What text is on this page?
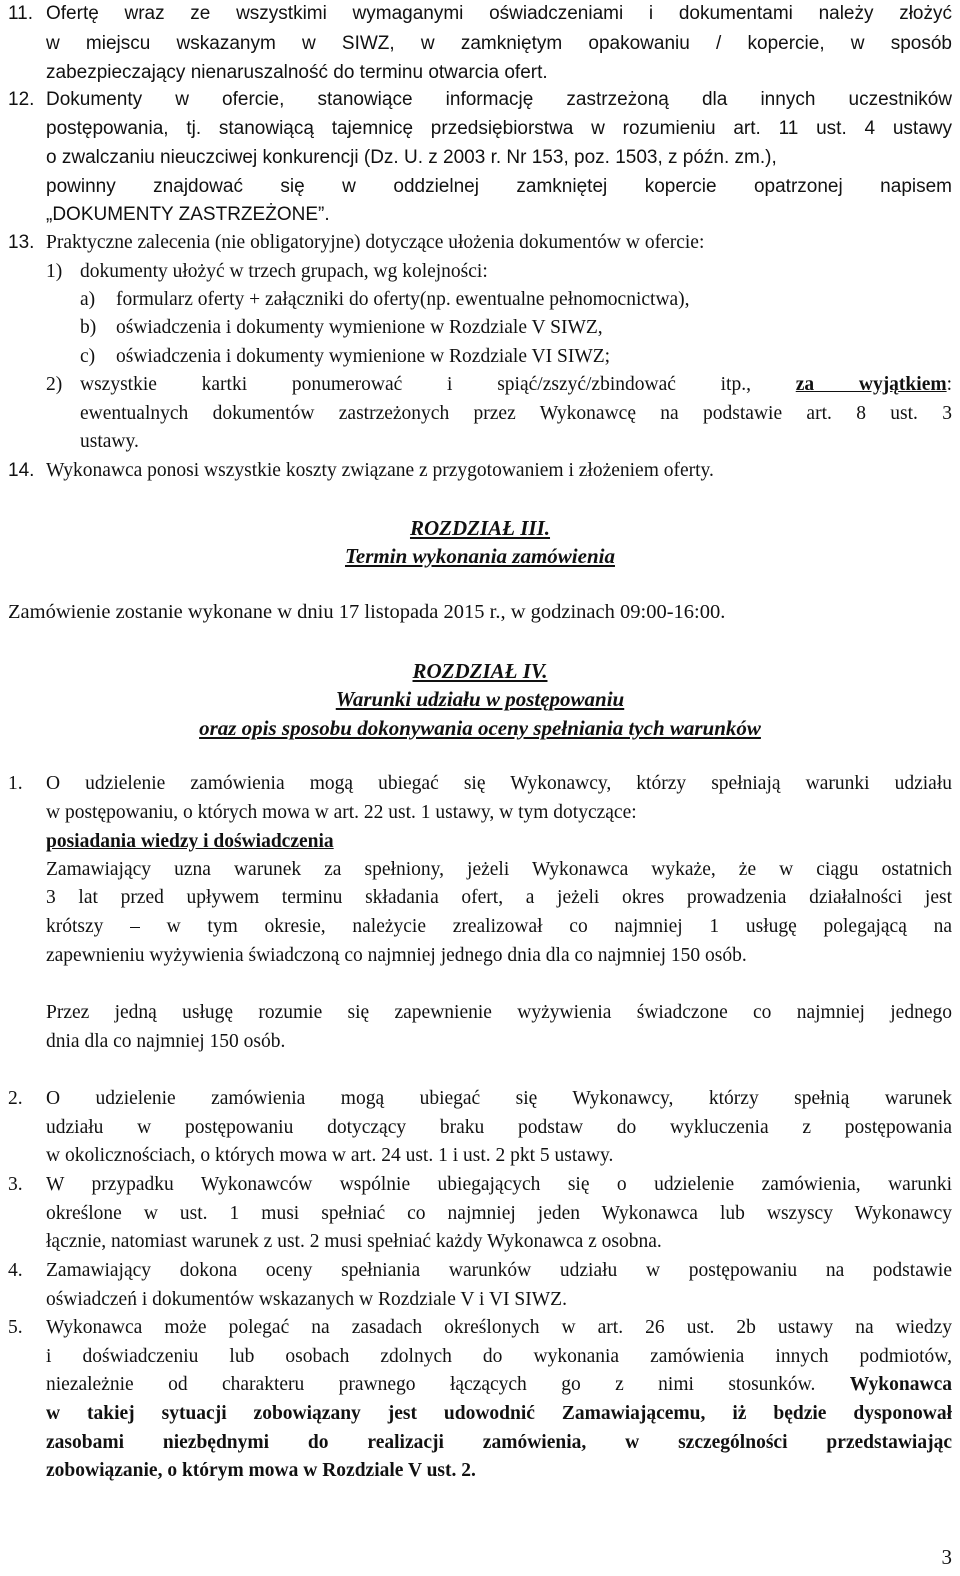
11. Ofertę wraz ze wszystkimi wymaganymi oświadczeniami i dokumentami należy złożyć
w miejscu wskazanym w SIWZ, w zamkniętym opakowaniu / kopercie, w sposób
zabezpieczający nienaruszalność do terminu otwarcia ofert.
12. Dokumenty w ofercie, stanowiące informację zastrzeżoną dla innych uczestników
postępowania, tj. stanowiącą tajemnicę przedsiębiorstwa w rozumieniu art. 11 ust. 4 ustawy
o zwalczaniu nieuczciwej konkurencji (Dz. U. z 2003 r. Nr 153, poz. 1503, z późn. zm.),
powinny znajdować się w oddzielnej zamkniętej kopercie opatrzonej napisem
„DOKUMENTY ZASTRZEŻONE”.
13. Praktyczne zalecenia (nie obligatoryjne) dotyczące ułożenia dokumentów w ofercie:
1) dokumenty ułożyć w trzech grupach, wg kolejności:
a) formularz oferty + załączniki do oferty(np. ewentualne pełnomocnictwa),
b) oświadczenia i dokumenty wymienione w Rozdziale V SIWZ,
c) oświadczenia i dokumenty wymienione w Rozdziale VI SIWZ;
2) wszystkie kartki ponumerować i spiąć/zszyć/zbindować itp., za wyjątkiem:
ewentualnych dokumentów zastrzeżonych przez Wykonawcę na podstawie art. 8 ust. 3
ustawy.
14. Wykonawca ponosi wszystkie koszty związane z przygotowaniem i złożeniem oferty.
ROZDZIAŁ III.
Termin wykonania zamówienia
Zamówienie zostanie wykonane w dniu 17 listopada 2015 r., w godzinach 09:00-16:00.
ROZDZIAŁ IV.
Warunki udziału w postępowaniu
oraz opis sposobu dokonywania oceny spełniania tych warunków
1. O udzielenie zamówienia mogą ubiegać się Wykonawcy, którzy spełniają warunki udziału
w postępowaniu, o których mowa w art. 22 ust. 1 ustawy, w tym dotyczące:
posiadania wiedzy i doświadczenia
Zamawiający uzna warunek za spełniony, jeżeli Wykonawca wykaże, że w ciągu ostatnich
3 lat przed upływem terminu składania ofert, a jeżeli okres prowadzenia działalności jest
krótszy – w tym okresie, należycie zrealizował co najmniej 1 usługę polegającą na
zapewnieniu wyżywienia świadczoną co najmniej jednego dnia dla co najmniej 150 osób.
Przez jedną usługę rozumie się zapewnienie wyżywienia świadczone co najmniej jednego
dnia dla co najmniej 150 osób.
2. O udzielenie zamówienia mogą ubiegać się Wykonawcy, którzy spełnią warunek
udziału w postępowaniu dotyczący braku podstaw do wykluczenia z postępowania
w okolicznościach, o których mowa w art. 24 ust. 1 i ust. 2 pkt 5 ustawy.
3. W przypadku Wykonawców wspólnie ubiegających się o udzielenie zamówienia, warunki
określone w ust. 1 musi spełniać co najmniej jeden Wykonawca lub wszyscy Wykonawcy
łącznie, natomiast warunek z ust. 2 musi spełniać każdy Wykonawca z osobna.
4. Zamawiający dokona oceny spełniania warunków udziału w postępowaniu na podstawie
oświadczeń i dokumentów wskazanych w Rozdziale V i VI SIWZ.
5. Wykonawca może polegać na zasadach określonych w art. 26 ust. 2b ustawy na wiedzy
i doświadczeniu lub osobach zdolnych do wykonania zamówienia innych podmiotów,
niezależnie od charakteru prawnego łączących go z nimi stosunków. Wykonawca
w takiej sytuacji zobowiązany jest udowodnić Zamawiającemu, iż będzie dysponował
zasobami niezbędnymi do realizacji zamówienia, w szczególności przedstawiając
zobowiązanie, o którym mowa w Rozdziale V ust. 2.
3
